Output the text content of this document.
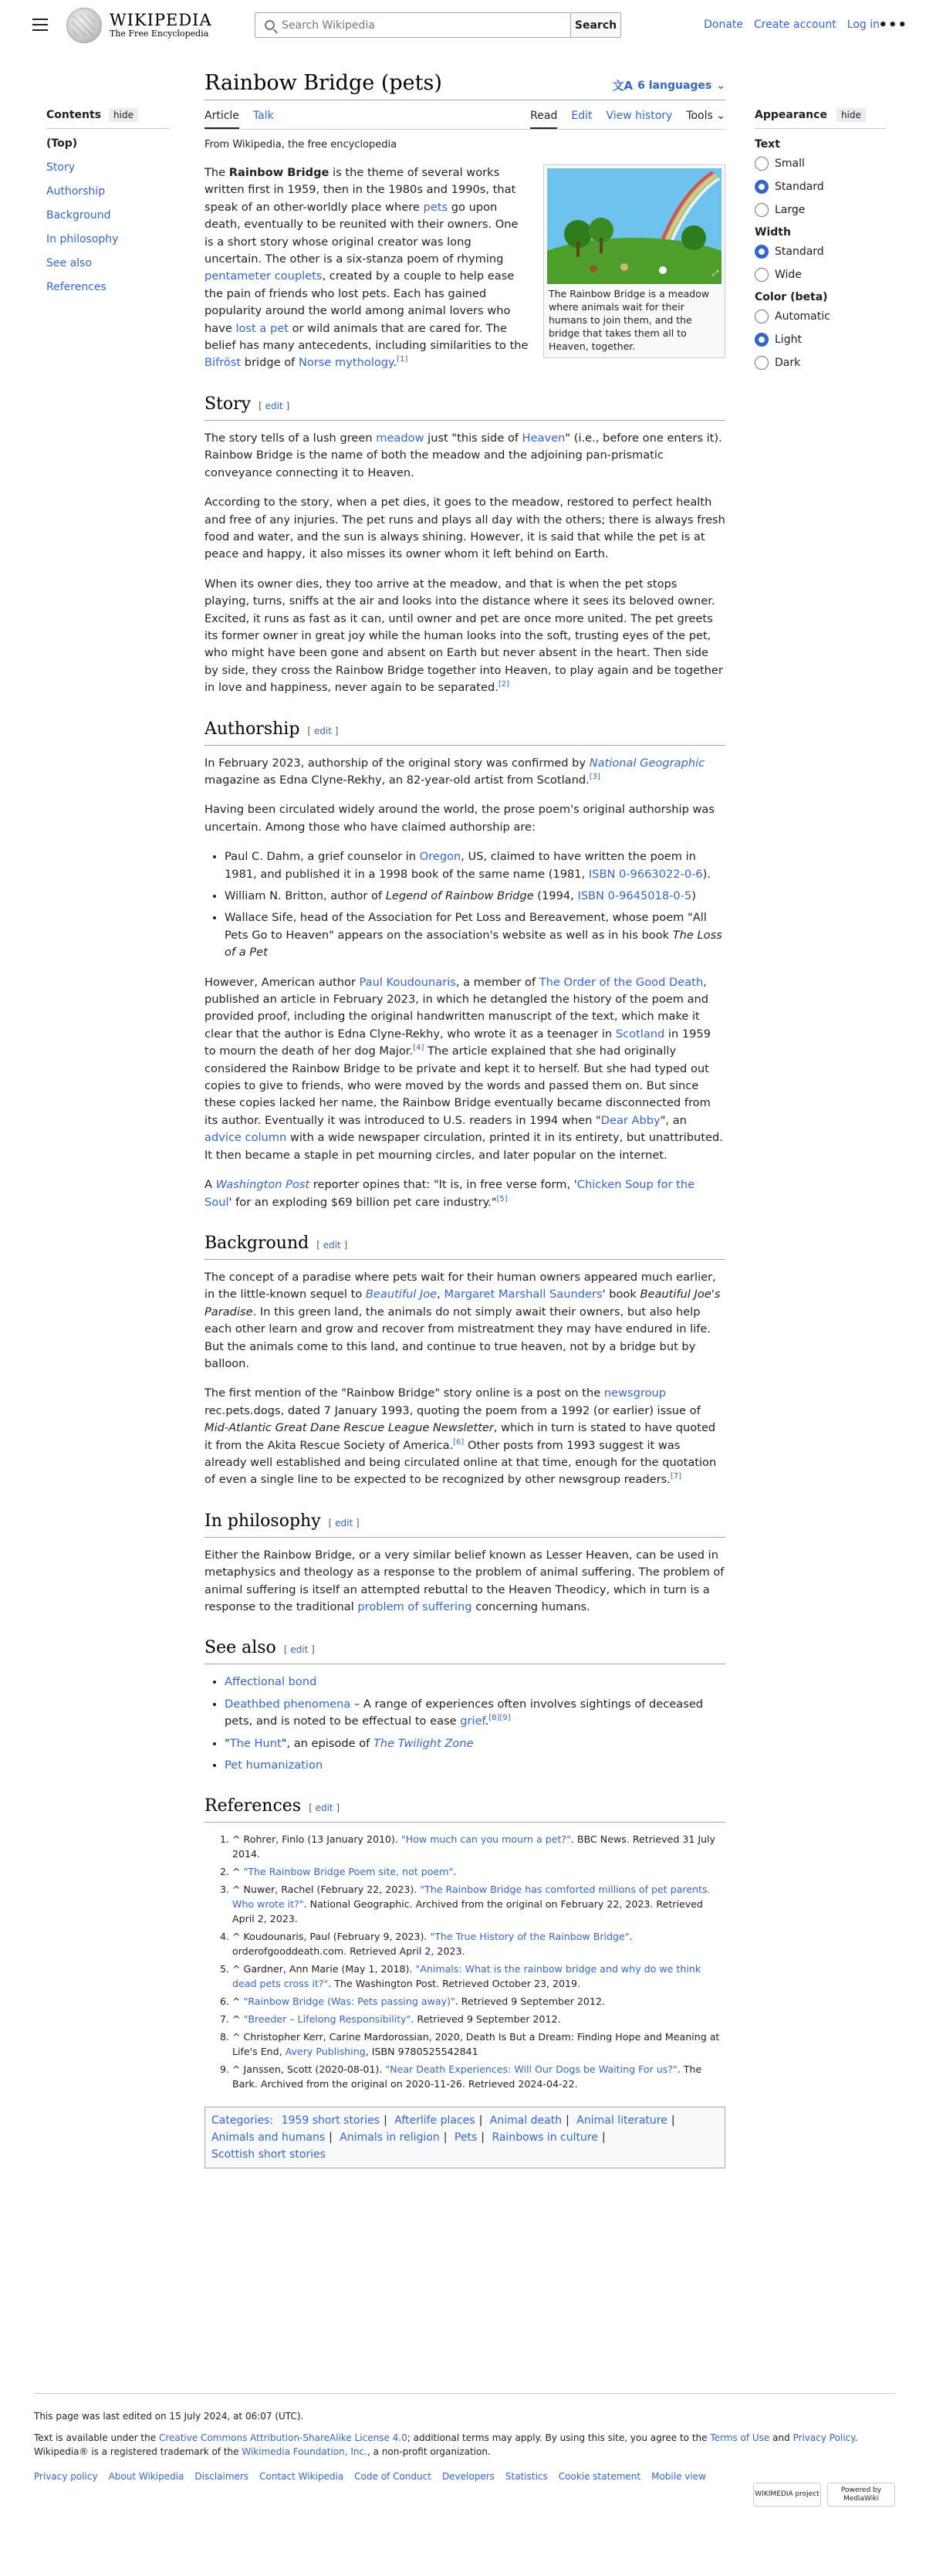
WIKIPEDIA
The Free Encyclopedia
Search Wikipedia	Search	Donate Create account Log in
•••
Contents	hide
(Top)
Story
Authorship
Background
In philosophy
See also
References
Appearance	hide
Text
Small
Standard
Large
Width
Standard
Wide
Color (beta)
Automatic
Light
Dark
Rainbow Bridge (pets)	文A 6 languages ⌄
Article Talk	Read Edit View history Tools ⌄
From Wikipedia, the free encyclopedia
⤢
The Rainbow Bridge is a meadow where animals wait for their humans to join them, and the bridge that takes them all to Heaven, together.

The Rainbow Bridge is the theme of several works written first in 1959, then in the 1980s and 1990s, that speak of an other-worldly place where pets go upon death, eventually to be reunited with their owners. One is a short story whose original creator was long uncertain. The other is a six-stanza poem of rhyming pentameter couplets, created by a couple to help ease the pain of friends who lost pets. Each has gained popularity around the world among animal lovers who have lost a pet or wild animals that are cared for. The belief has many antecedents, including similarities to the Bifröst bridge of Norse mythology.[1]

Story [ edit ]

The story tells of a lush green meadow just "this side of Heaven" (i.e., before one enters it). Rainbow Bridge is the name of both the meadow and the adjoining pan-prismatic conveyance connecting it to Heaven.

According to the story, when a pet dies, it goes to the meadow, restored to perfect health and free of any injuries. The pet runs and plays all day with the others; there is always fresh food and water, and the sun is always shining. However, it is said that while the pet is at peace and happy, it also misses its owner whom it left behind on Earth.

When its owner dies, they too arrive at the meadow, and that is when the pet stops playing, turns, sniffs at the air and looks into the distance where it sees its beloved owner. Excited, it runs as fast as it can, until owner and pet are once more united. The pet greets its former owner in great joy while the human looks into the soft, trusting eyes of the pet, who might have been gone and absent on Earth but never absent in the heart. Then side by side, they cross the Rainbow Bridge together into Heaven, to play again and be together in love and happiness, never again to be separated.[2]

Authorship [ edit ]

In February 2023, authorship of the original story was confirmed by National Geographic magazine as Edna Clyne-Rekhy, an 82-year-old artist from Scotland.[3]

Having been circulated widely around the world, the prose poem's original authorship was uncertain. Among those who have claimed authorship are:

• Paul C. Dahm, a grief counselor in Oregon, US, claimed to have written the poem in 1981, and published it in a 1998 book of the same name (1981, ISBN 0-9663022-0-6).
• William N. Britton, author of Legend of Rainbow Bridge (1994, ISBN 0-9645018-0-5)
• Wallace Sife, head of the Association for Pet Loss and Bereavement, whose poem "All Pets Go to Heaven" appears on the association's website as well as in his book The Loss of a Pet

However, American author Paul Koudounaris, a member of The Order of the Good Death, published an article in February 2023, in which he detangled the history of the poem and provided proof, including the original handwritten manuscript of the text, which make it clear that the author is Edna Clyne-Rekhy, who wrote it as a teenager in Scotland in 1959 to mourn the death of her dog Major.[4] The article explained that she had originally considered the Rainbow Bridge to be private and kept it to herself. But she had typed out copies to give to friends, who were moved by the words and passed them on. But since these copies lacked her name, the Rainbow Bridge eventually became disconnected from its author. Eventually it was introduced to U.S. readers in 1994 when "Dear Abby", an advice column with a wide newspaper circulation, printed it in its entirety, but unattributed. It then became a staple in pet mourning circles, and later popular on the internet.

A Washington Post reporter opines that: "It is, in free verse form, 'Chicken Soup for the Soul' for an exploding $69 billion pet care industry."[5]

Background [ edit ]

The concept of a paradise where pets wait for their human owners appeared much earlier, in the little-known sequel to Beautiful Joe, Margaret Marshall Saunders' book Beautiful Joe's Paradise. In this green land, the animals do not simply await their owners, but also help each other learn and grow and recover from mistreatment they may have endured in life. But the animals come to this land, and continue to true heaven, not by a bridge but by balloon.

The first mention of the "Rainbow Bridge" story online is a post on the newsgroup rec.pets.dogs, dated 7 January 1993, quoting the poem from a 1992 (or earlier) issue of Mid-Atlantic Great Dane Rescue League Newsletter, which in turn is stated to have quoted it from the Akita Rescue Society of America.[6] Other posts from 1993 suggest it was already well established and being circulated online at that time, enough for the quotation of even a single line to be expected to be recognized by other newsgroup readers.[7]

In philosophy [ edit ]

Either the Rainbow Bridge, or a very similar belief known as Lesser Heaven, can be used in metaphysics and theology as a response to the problem of animal suffering. The problem of animal suffering is itself an attempted rebuttal to the Heaven Theodicy, which in turn is a response to the traditional problem of suffering concerning humans.

See also [ edit ]
• Affectional bond
• Deathbed phenomena – A range of experiences often involves sightings of deceased pets, and is noted to be effectual to ease grief.[8][9]
• "The Hunt", an episode of The Twilight Zone
• Pet humanization
References [ edit ]
1. ^ Rohrer, Finlo (13 January 2010). "How much can you mourn a pet?". BBC News. Retrieved 31 July 2014.
2. ^ "The Rainbow Bridge Poem site, not poem".
3. ^ Nuwer, Rachel (February 22, 2023). "The Rainbow Bridge has comforted millions of pet parents. Who wrote it?". National Geographic. Archived from the original on February 22, 2023. Retrieved April 2, 2023.
4. ^ Koudounaris, Paul (February 9, 2023). "The True History of the Rainbow Bridge". orderofgooddeath.com. Retrieved April 2, 2023.
5. ^ Gardner, Ann Marie (May 1, 2018). "Animals: What is the rainbow bridge and why do we think dead pets cross it?". The Washington Post. Retrieved October 23, 2019.
6. ^ "Rainbow Bridge (Was: Pets passing away)". Retrieved 9 September 2012.
7. ^ "Breeder – Lifelong Responsibility". Retrieved 9 September 2012.
8. ^ Christopher Kerr, Carine Mardorossian, 2020, Death Is But a Dream: Finding Hope and Meaning at Life's End, Avery Publishing, ISBN 9780525542841
9. ^ Janssen, Scott (2020-08-01). "Near Death Experiences: Will Our Dogs be Waiting For us?". The Bark. Archived from the original on 2020-11-26. Retrieved 2024-04-22.
Categories: 1959 short stories | Afterlife places | Animal death | Animal literature |
Animals and humans | Animals in religion | Pets | Rainbows in culture |
Scottish short stories

This page was last edited on 15 July 2024, at 06:07 (UTC).

Text is available under the Creative Commons Attribution-ShareAlike License 4.0; additional terms may apply. By using this site, you agree to the Terms of Use and Privacy Policy. Wikipedia® is a registered trademark of the Wikimedia Foundation, Inc., a non-profit organization.

Privacy policy About Wikipedia Disclaimers Contact Wikipedia Code of Conduct Developers Statistics Cookie statement Mobile view
WIKIMEDIA project
Powered by MediaWiki
